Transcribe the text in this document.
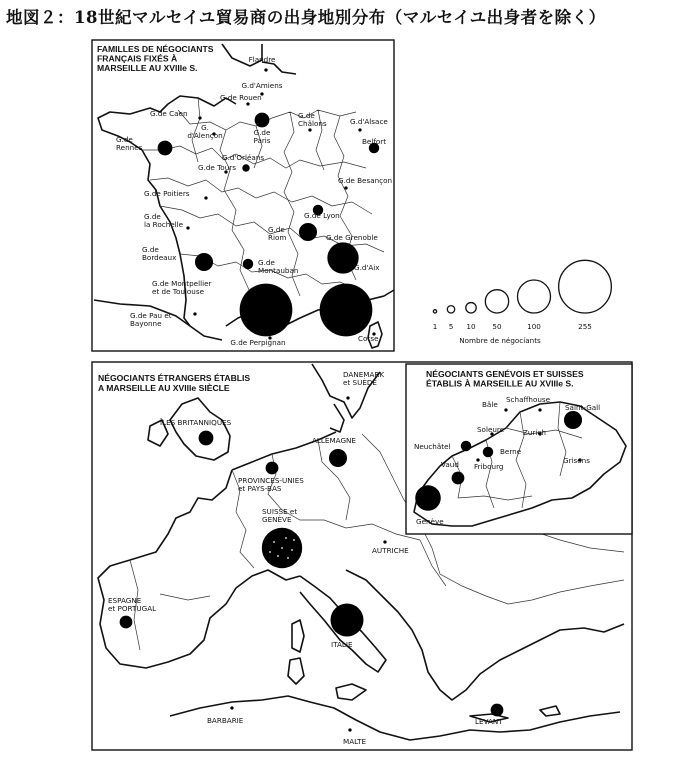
地図２：18世紀マルセイユ貿易商の出身地別分布（マルセイユ出身者を除く）
FAMILLES DE NÉGOCIANTS
FRANÇAIS FIXÉS À
MARSEILLE AU XVIIIe S.
Flandre
G.d'Amiens
G.de Rouen
G.de Caen
G.
d'Alençon	G.de
Paris
G.de
Châlons	G.d'Alsace
Belfort
G.de
Rennes
G.d'Orléans
G.de Tours
G.de Besançon
G.de Poitiers
G.de Lyon
G.de
la Rochelle
G.de
Riom	G.de Grenoble
G.de
Bordeaux
G.de
Montauban	G.d'Aix
G.de Montpellier
et de Toulouse
G.de Pau et
Bayonne
G.de Perpignan	Corse
1 5 10 50	100	255
Nombre de négociants
NÉGOCIANTS ÉTRANGERS ÉTABLIS
A MARSEILLE AU XVIIIe SIÈCLE
DANEMARK
et SUÈDE
ÎLES BRITANNIQUES
ALLEMAGNE
PROVINCES-UNIES
et PAYS-BAS
SUISSE et
GENÈVE
AUTRICHE
ESPAGNE
et PORTUGAL
ITALIE
BARBARIE
MALTE
LEVANT
NÉGOCIANTS GENÉVOIS ET SUISSES
ÉTABLIS À MARSEILLE AU XVIIIe S.
Schaffhouse
Bâle	Saint-Gall
Soleure	Zurich
Neuchâtel
Berne
Vaud Fribourg
Grisons
Genève
